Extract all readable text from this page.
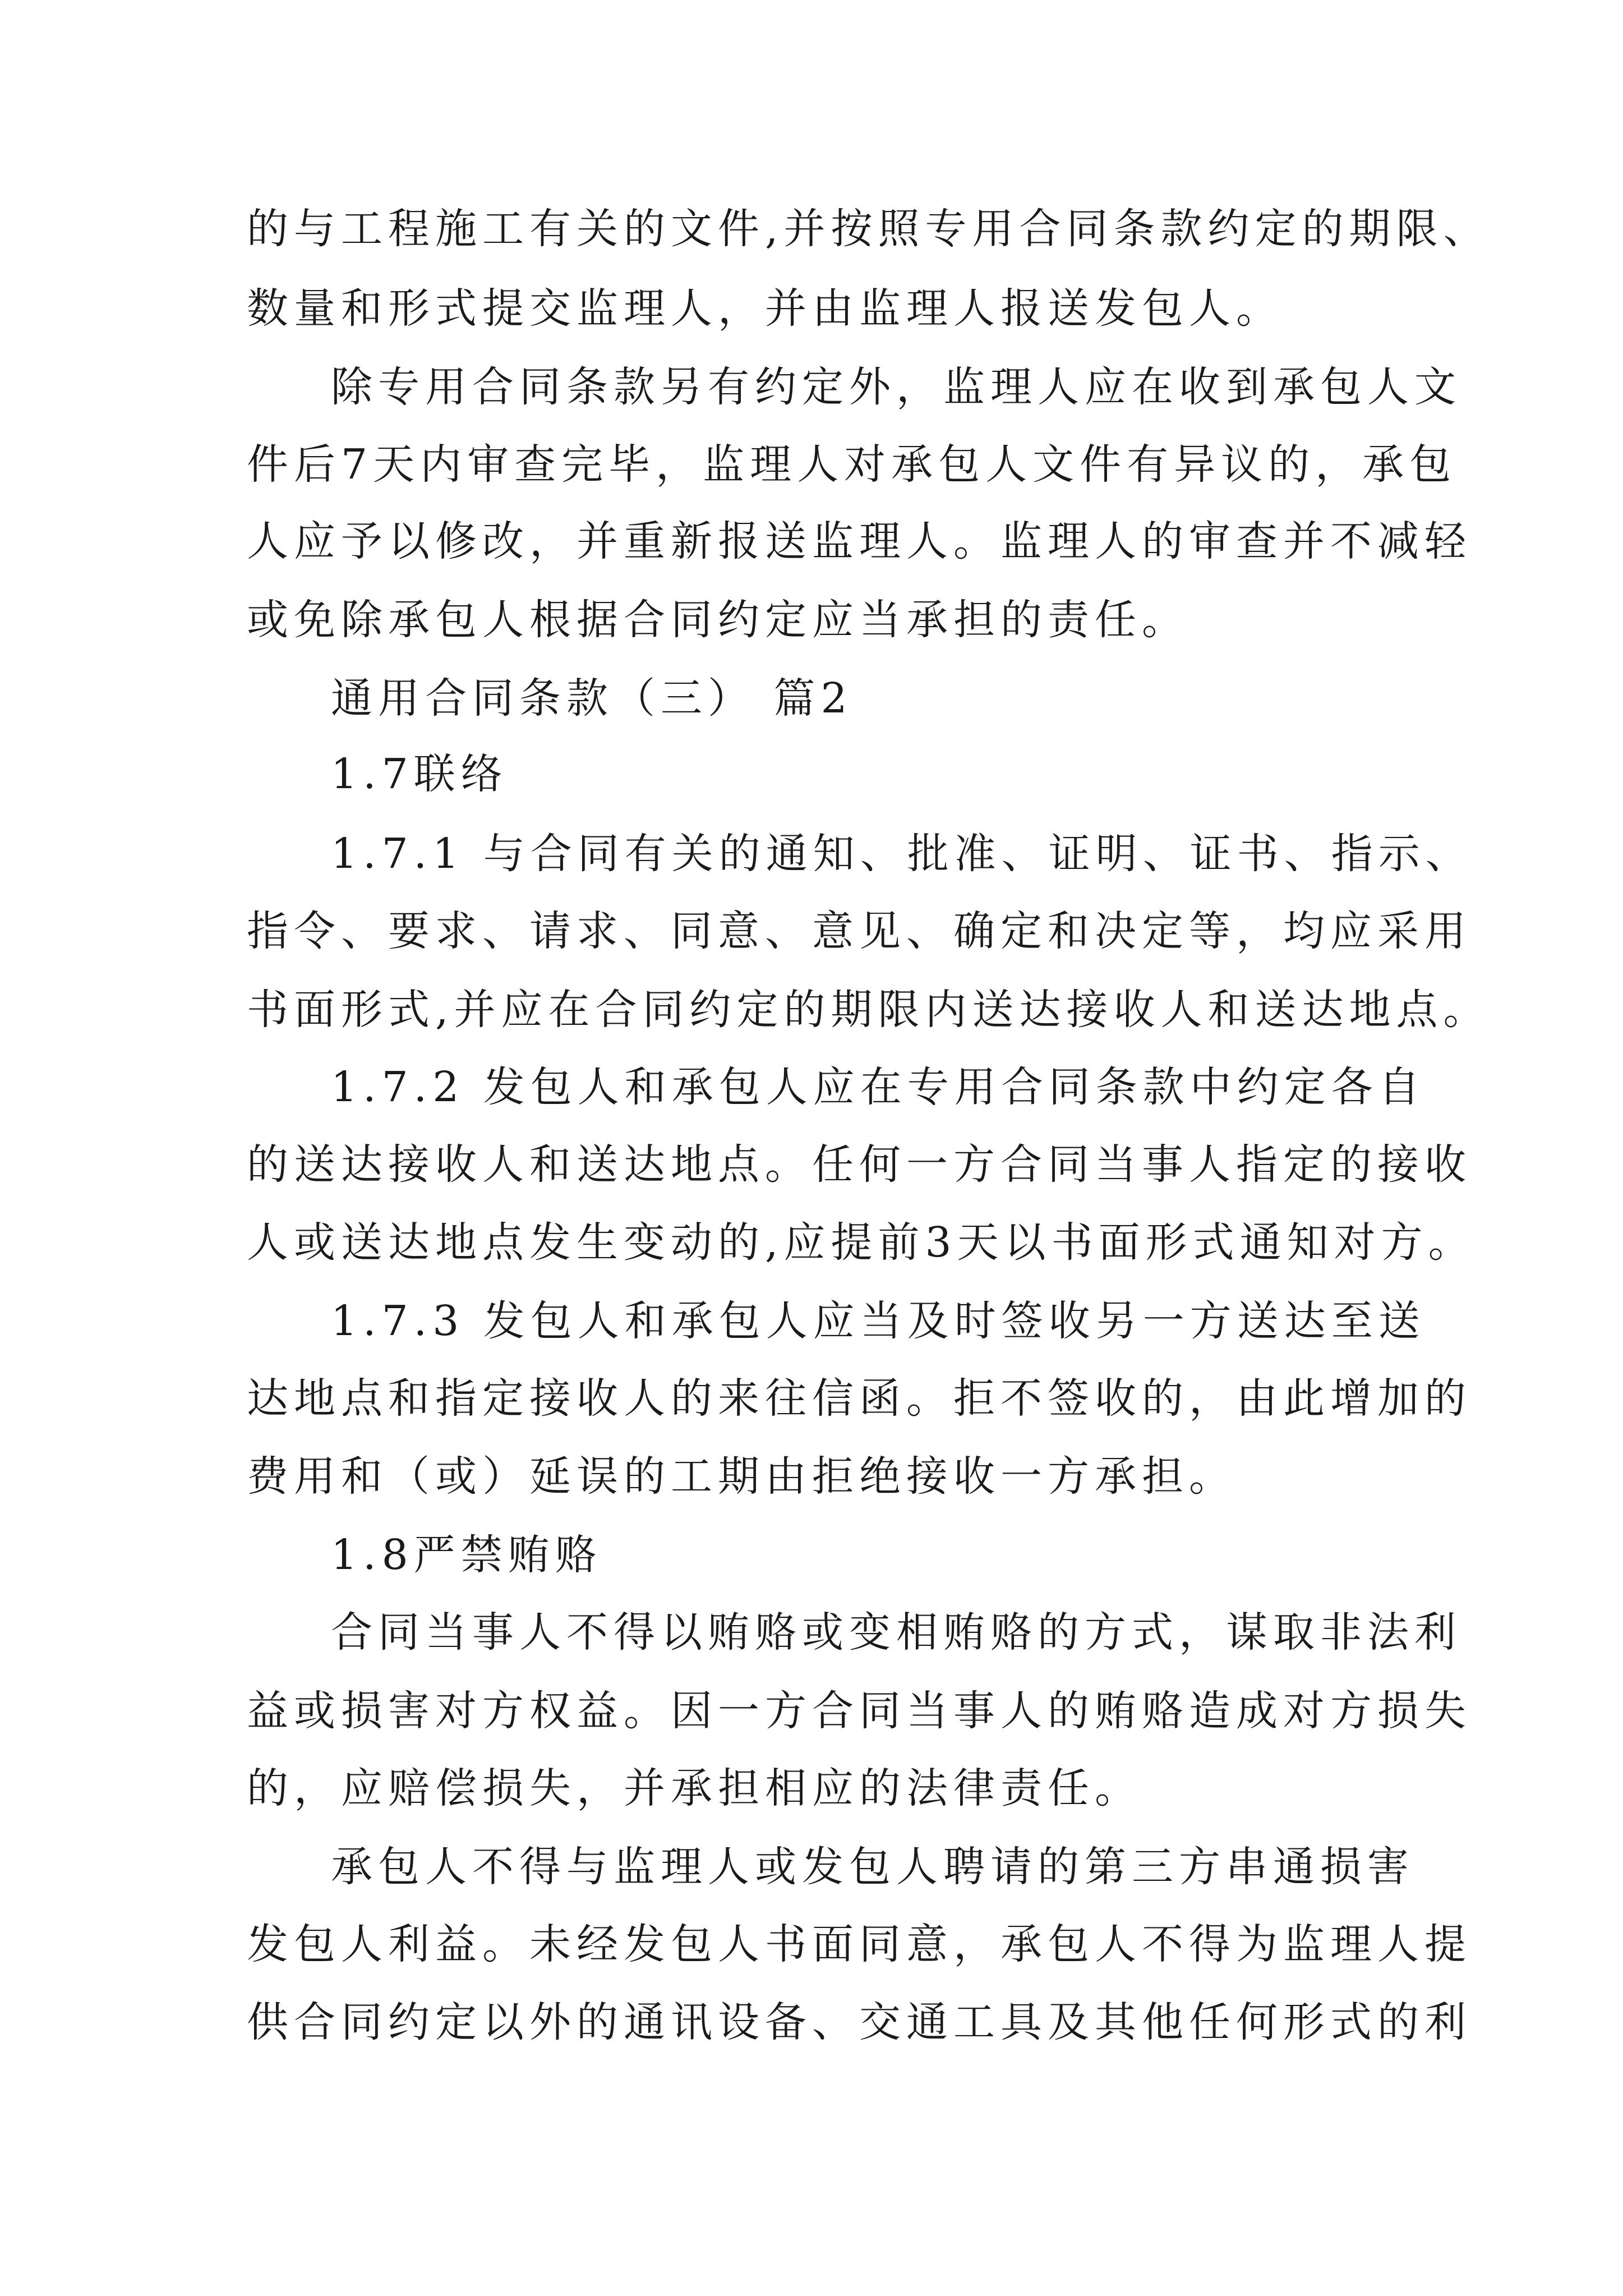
的与工程施工有关的文件,并按照专用合同条款约定的期限、
数量和形式提交监理人，并由监理人报送发包人。
除专用合同条款另有约定外，监理人应在收到承包人文
件后7天内审查完毕，监理人对承包人文件有异议的，承包
人应予以修改，并重新报送监理人。监理人的审查并不减轻
或免除承包人根据合同约定应当承担的责任。
通用合同条款（三） 篇2
1.7联络
1.7.1 与合同有关的通知、批准、证明、证书、指示、
指令、要求、请求、同意、意见、确定和决定等，均应采用
书面形式,并应在合同约定的期限内送达接收人和送达地点。
1.7.2 发包人和承包人应在专用合同条款中约定各自
的送达接收人和送达地点。任何一方合同当事人指定的接收
人或送达地点发生变动的,应提前3天以书面形式通知对方。
1.7.3 发包人和承包人应当及时签收另一方送达至送
达地点和指定接收人的来往信函。拒不签收的，由此增加的
费用和（或）延误的工期由拒绝接收一方承担。
1.8严禁贿赂
合同当事人不得以贿赂或变相贿赂的方式，谋取非法利
益或损害对方权益。因一方合同当事人的贿赂造成对方损失
的，应赔偿损失，并承担相应的法律责任。
承包人不得与监理人或发包人聘请的第三方串通损害
发包人利益。未经发包人书面同意，承包人不得为监理人提
供合同约定以外的通讯设备、交通工具及其他任何形式的利
